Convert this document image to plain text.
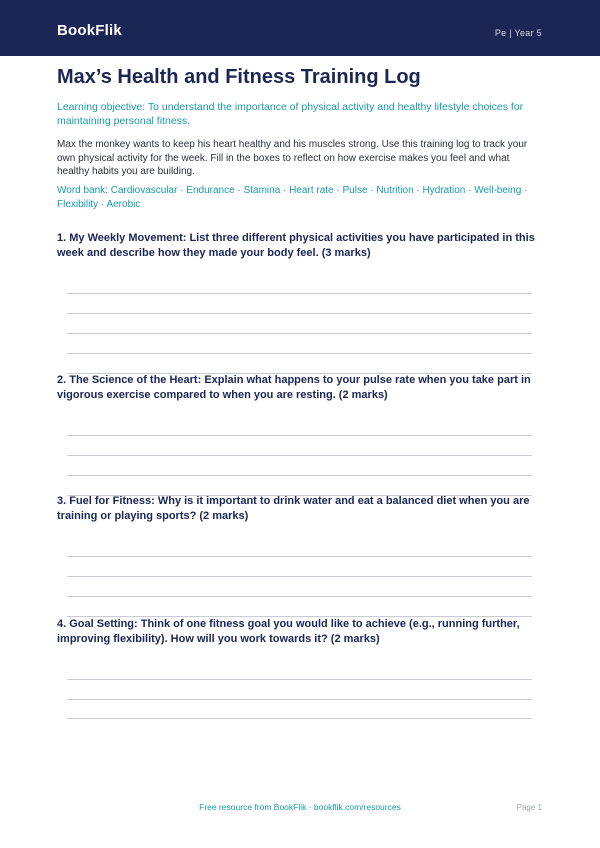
BookFlik	Pe | Year 5
Max’s Health and Fitness Training Log
Learning objective: To understand the importance of physical activity and healthy lifestyle choices for maintaining personal fitness.
Max the monkey wants to keep his heart healthy and his muscles strong. Use this training log to track your own physical activity for the week. Fill in the boxes to reflect on how exercise makes you feel and what healthy habits you are building.
Word bank: Cardiovascular · Endurance · Stamina · Heart rate · Pulse · Nutrition · Hydration · Well-being · Flexibility · Aerobic
1. My Weekly Movement: List three different physical activities you have participated in this week and describe how they made your body feel. (3 marks)
2. The Science of the Heart: Explain what happens to your pulse rate when you take part in vigorous exercise compared to when you are resting. (2 marks)
3. Fuel for Fitness: Why is it important to drink water and eat a balanced diet when you are training or playing sports? (2 marks)
4. Goal Setting: Think of one fitness goal you would like to achieve (e.g., running further, improving flexibility). How will you work towards it? (2 marks)
Free resource from BookFlik · bookflik.com/resources	Page 1
